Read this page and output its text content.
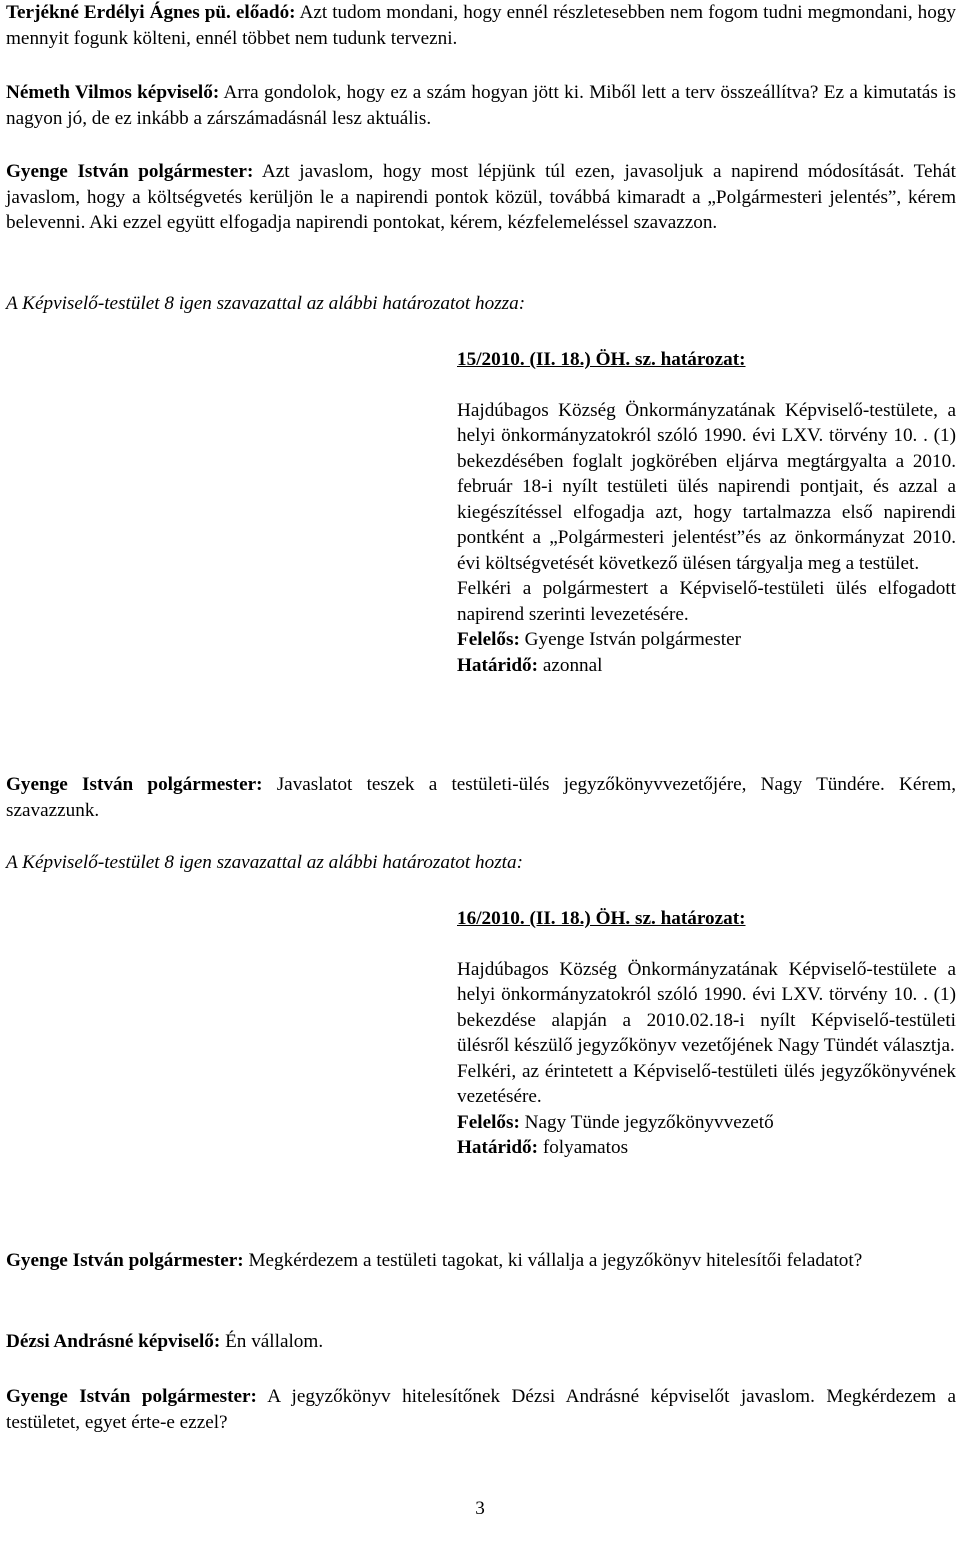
Terjékné Erdélyi Ágnes pü. előadó: Azt tudom mondani, hogy ennél részletesebben nem fogom tudni megmondani, hogy mennyit fogunk költeni, ennél többet nem tudunk tervezni.

Németh Vilmos képviselő: Arra gondolok, hogy ez a szám hogyan jött ki. Miből lett a terv összeállítva? Ez a kimutatás is nagyon jó, de ez inkább a zárszámadásnál lesz aktuális.

Gyenge István polgármester: Azt javaslom, hogy most lépjünk túl ezen, javasoljuk a napirend módosítását. Tehát javaslom, hogy a költségvetés kerüljön le a napirendi pontok közül, továbbá kimaradt a „Polgármesteri jelentés”, kérem belevenni. Aki ezzel együtt elfogadja napirendi pontokat, kérem, kézfelemeléssel szavazzon.

A Képviselő-testület 8 igen szavazattal az alábbi határozatot hozza:

15/2010. (II. 18.) ÖH. sz. határozat:

Hajdúbagos Község Önkormányzatának Képviselő-testülete, a helyi önkormányzatokról szóló 1990. évi LXV. törvény 10. . (1) bekezdésében foglalt jogkörében eljárva megtárgyalta a 2010. február 18-i nyílt testületi ülés napirendi pontjait, és azzal a kiegészítéssel elfogadja azt, hogy tartalmazza első napirendi pontként a „Polgármesteri jelentést”és az önkormányzat 2010. évi költségvetését következő ülésen tárgyalja meg a testület.

Felkéri a polgármestert a Képviselő-testületi ülés elfogadott napirend szerinti levezetésére.

Felelős: Gyenge István polgármester

Határidő: azonnal

Gyenge István polgármester: Javaslatot teszek a testületi-ülés jegyzőkönyvvezetőjére, Nagy Tündére. Kérem, szavazzunk.

A Képviselő-testület 8 igen szavazattal az alábbi határozatot hozta:

16/2010. (II. 18.) ÖH. sz. határozat:

Hajdúbagos Község Önkormányzatának Képviselő-testülete a helyi önkormányzatokról szóló 1990. évi LXV. törvény 10. . (1) bekezdése alapján a 2010.02.18-i nyílt Képviselő-testületi ülésről készülő jegyzőkönyv vezetőjének Nagy Tündét választja.

Felkéri, az érintetett a Képviselő-testületi ülés jegyzőkönyvének vezetésére.

Felelős: Nagy Tünde jegyzőkönyvvezető

Határidő: folyamatos

Gyenge István polgármester: Megkérdezem a testületi tagokat, ki vállalja a jegyzőkönyv hitelesítői feladatot?

Dézsi Andrásné képviselő: Én vállalom.

Gyenge István polgármester: A jegyzőkönyv hitelesítőnek Dézsi Andrásné képviselőt javaslom. Megkérdezem a testületet, egyet érte-e ezzel?

3
